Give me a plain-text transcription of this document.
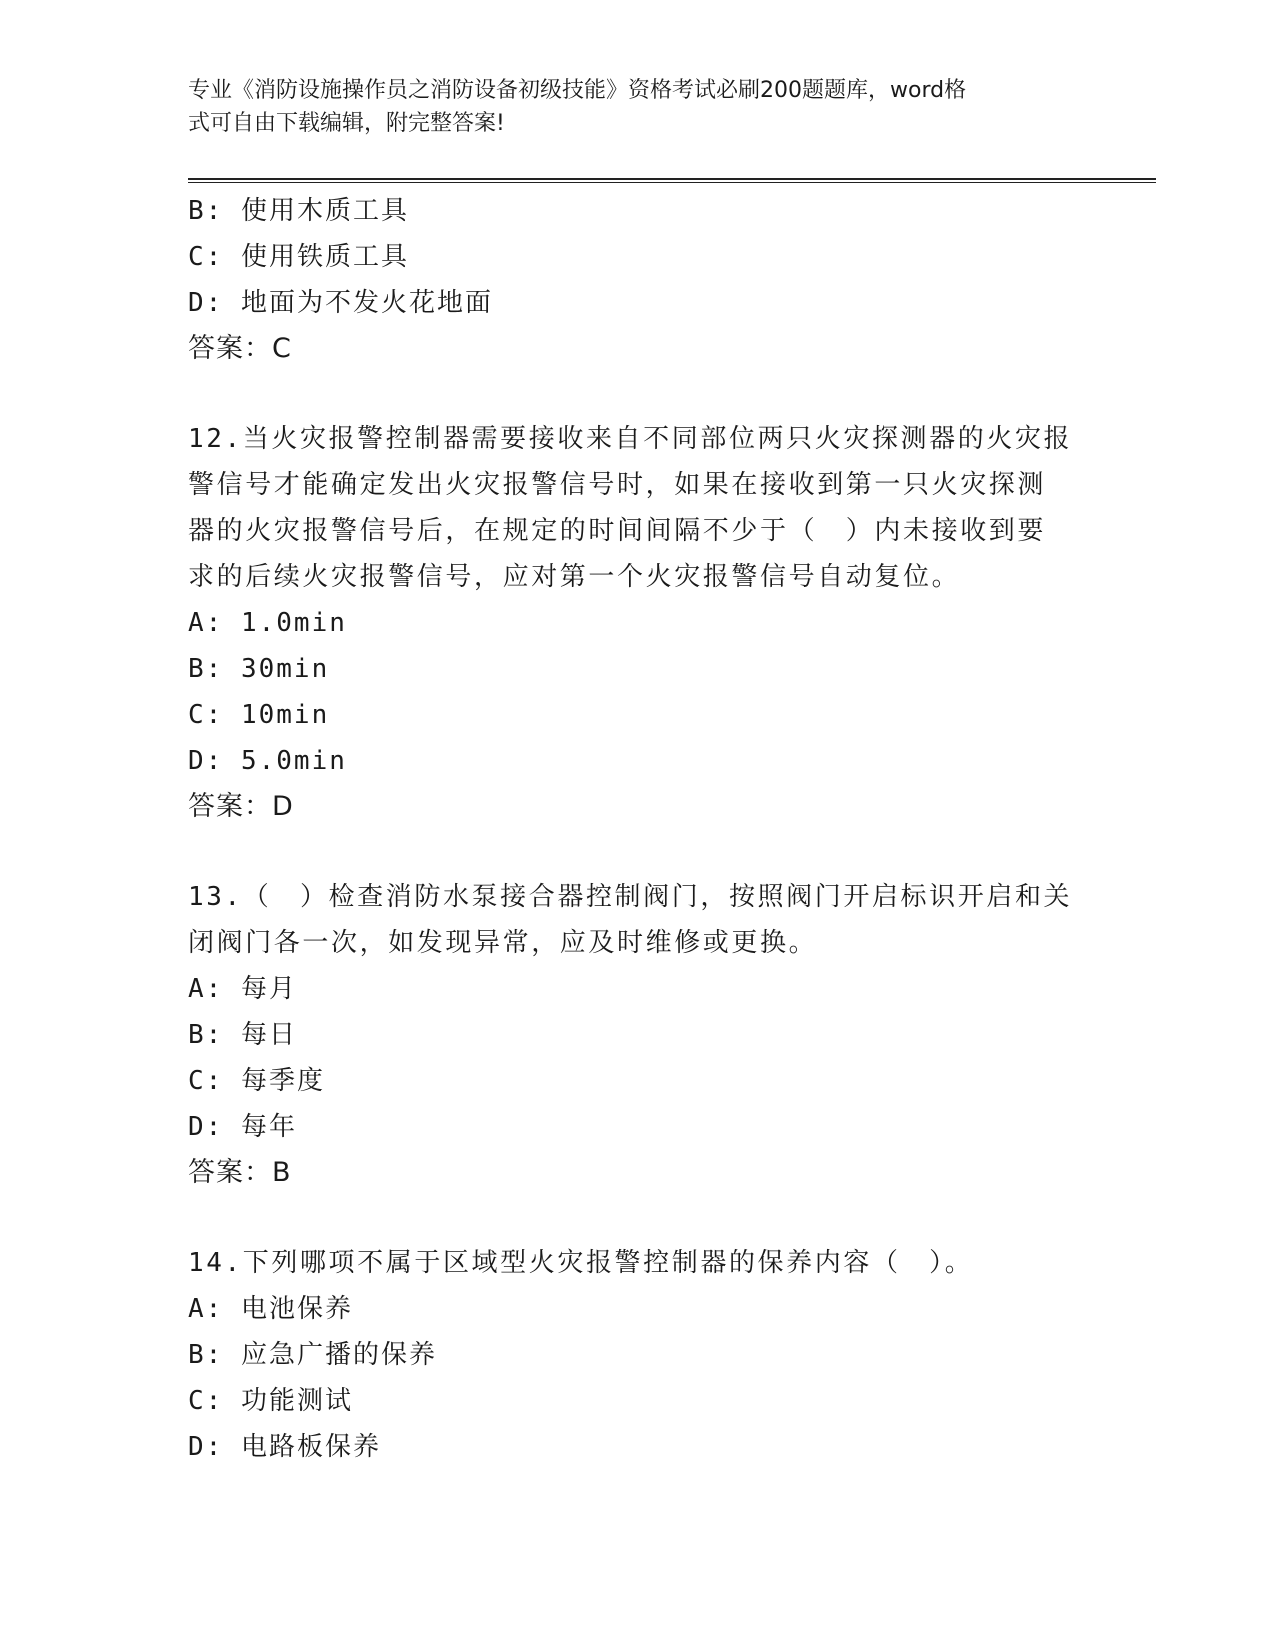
专业《消防设施操作员之消防设备初级技能》资格考试必刷200题题库，word格
式可自由下载编辑，附完整答案!
B: 使用木质工具
C: 使用铁质工具
D: 地面为不发火花地面
答案：C
12.当火灾报警控制器需要接收来自不同部位两只火灾探测器的火灾报
警信号才能确定发出火灾报警信号时，如果在接收到第一只火灾探测
器的火灾报警信号后，在规定的时间间隔不少于（　）内未接收到要
求的后续火灾报警信号，应对第一个火灾报警信号自动复位。
A: 1.0min
B: 30min
C: 10min
D: 5.0min
答案：D
13.（　）检查消防水泵接合器控制阀门，按照阀门开启标识开启和关
闭阀门各一次，如发现异常，应及时维修或更换。
A: 每月
B: 每日
C: 每季度
D: 每年
答案：B
14.下列哪项不属于区域型火灾报警控制器的保养内容（　）。
A: 电池保养
B: 应急广播的保养
C: 功能测试
D: 电路板保养
